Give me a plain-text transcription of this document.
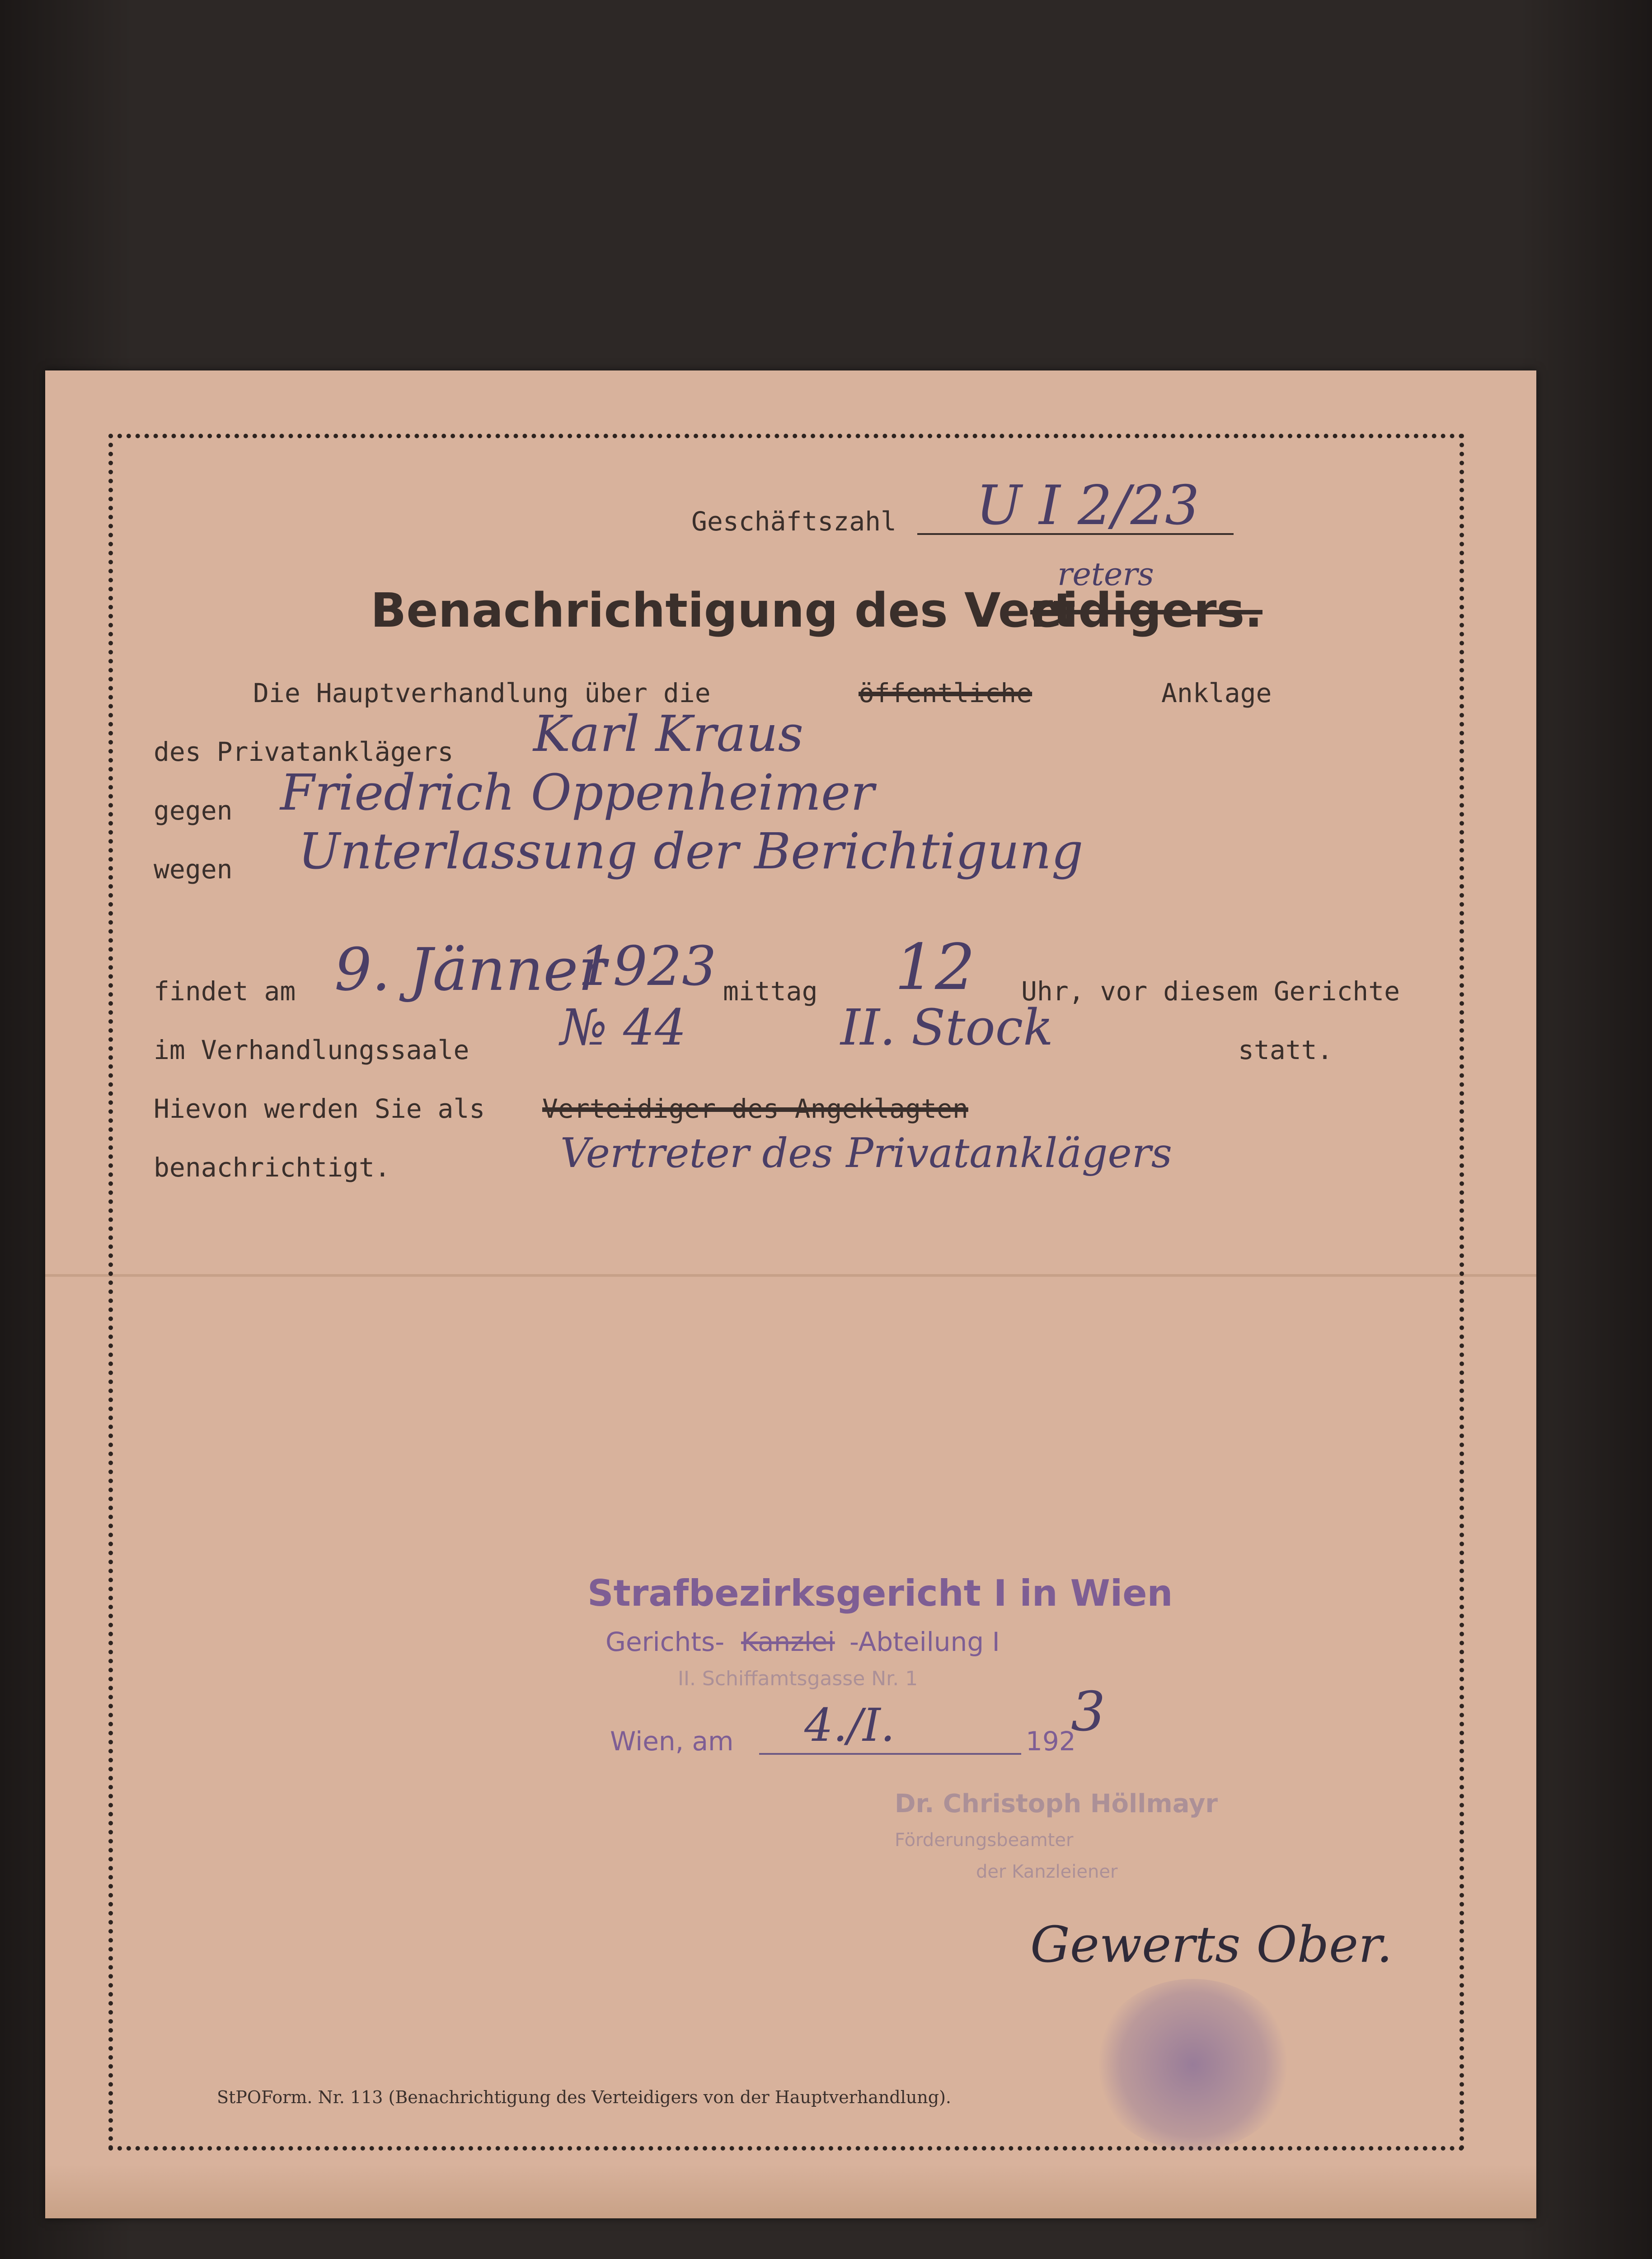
Geschäftszahl U I 2/23
Benachrichtigung des Vert
eidigers.
reters
Die Hauptverhandlung über die	öffentliche	Anklage
des Privatanklägers Karl Kraus
gegen Friedrich Oppenheimer
wegen Unterlassung der Berichtigung
findet am 9. Jänner
1923 mittag 12 Uhr, vor diesem Gerichte
im Verhandlungssaale № 44	II. Stock	statt.
Hievon werden Sie als Verteidiger des Angeklagten
Vertreter des Privatanklägers
benachrichtigt.
Strafbezirksgericht I in Wien
Gerichts- Kanzlei -Abteilung I
II. Schiffamtsgasse Nr. 1
Wien, am 4./I.	192
3
Dr. Christoph Höllmayr
Förderungsbeamter
der Kanzleiener
Gewerts Ober.
StPOForm. Nr. 113 (Benachrichtigung des Verteidigers von der Hauptverhandlung).
